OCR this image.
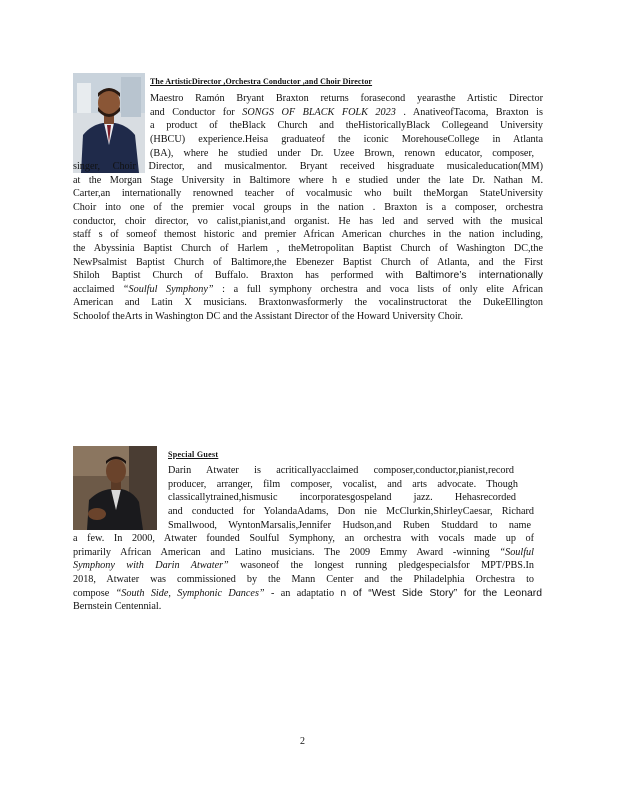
The ArtisticDirector ,Orchestra Conductor ,and Choir Director
Maestro Ramón Bryant Braxton returns forasecond yearasthe Artistic Director
and Conductor for SONGS OF BLACK FOLK 2023 . AnativeofTacoma, Braxton is
a product of theBlack Church and theHistoricallyBlack Collegeand University
(HBCU) experience.Heisa graduateof the iconic MorehouseCollege in Atlanta
(BA), where he studied under Dr. Uzee Brown, renown educator, composer,
singer, Choir Director, and musicalmentor. Bryant received hisgraduate musicaleducation(MM)
at the Morgan Stage University in Baltimore where h e studied under the late Dr. Nathan M.
Carter,an internationally renowned teacher of vocalmusic who built theMorgan StateUniversity
Choir into one of the premier vocal groups in the nation . Braxton is a composer, orchestra
conductor, choir director, vo calist,pianist,and organist. He has led and served with the musical
staff s of someof themost historic and premier African American churches in the nation including,
the Abyssinia Baptist Church of Harlem , theMetropolitan Baptist Church of Washington DC,the
NewPsalmist Baptist Church of Baltimore,the Ebenezer Baptist Church of Atlanta, and the First
Shiloh Baptist Church of Buffalo. Braxton has performed with Baltimore’s internationally
acclaimed “Soulful Symphony” : a full symphony orchestra and voca lists of only elite African
American and Latin X musicians. Braxtonwasformerly the vocalinstructorat the DukeEllington
Schoolof theArts in Washington DC and the Assistant Director of the Howard University Choir.
Special Guest
Darin Atwater is acriticallyacclaimed composer,conductor,pianist,record
producer, arranger, film composer, vocalist, and arts advocate. Though
classicallytrained,hismusic incorporatesgospeland jazz. Hehasrecorded
and conducted for YolandaAdams, Don nie McClurkin,ShirleyCaesar, Richard
Smallwood, WyntonMarsalis,Jennifer Hudson,and Ruben Studdard to name
a few. In 2000, Atwater founded Soulful Symphony, an orchestra with vocals made up of
primarily African American and Latino musicians. The 2009 Emmy Award -winning “Soulful
Symphony with Darin Atwater” wasoneof the longest running pledgespecialsfor MPT/PBS.In
2018, Atwater was commissioned by the Mann Center and the Philadelphia Orchestra to
compose “South Side, Symphonic Dances” - an adaptatio n of “West Side Story” for the Leonard
Bernstein Centennial.
2
